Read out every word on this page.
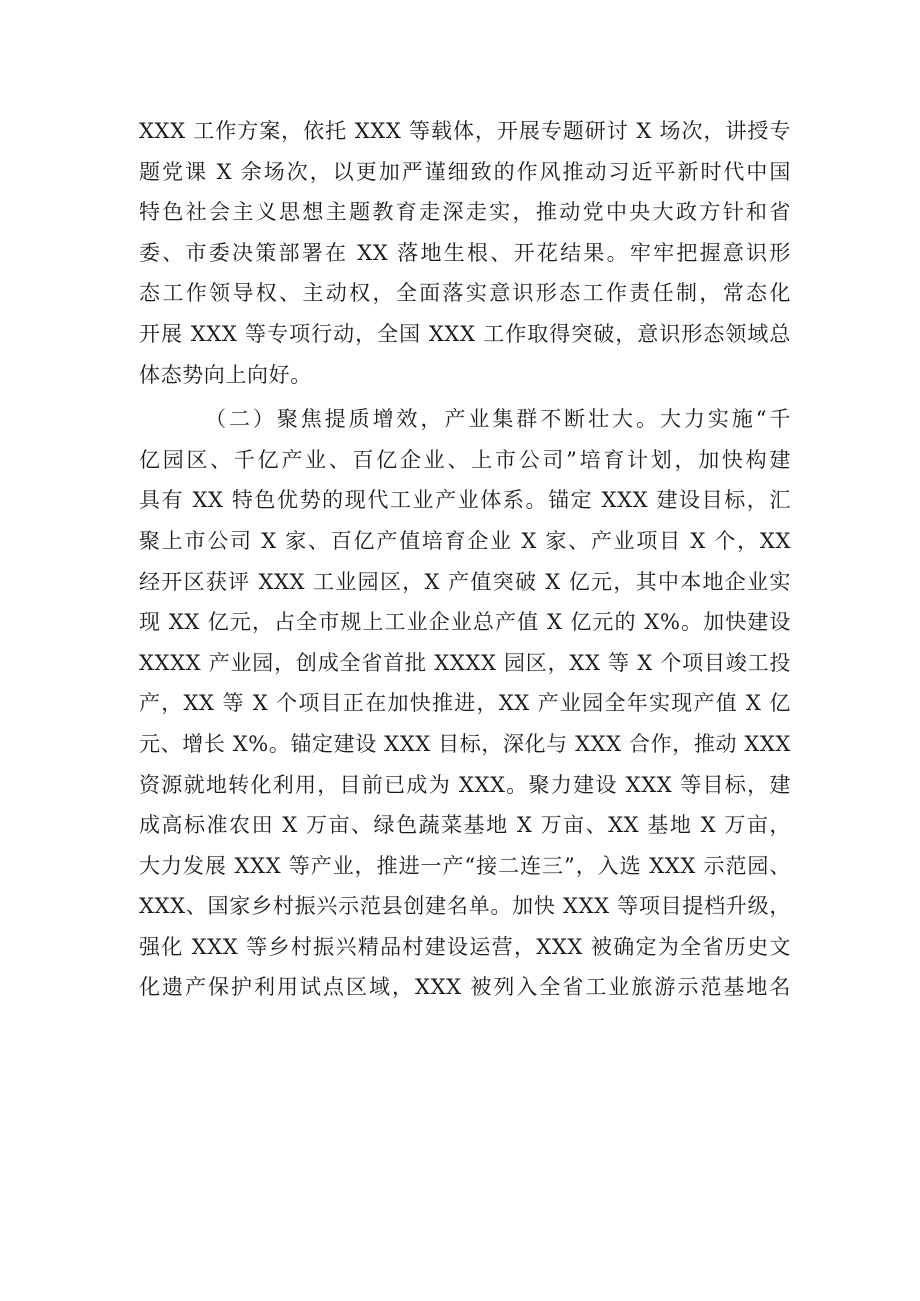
XXX 工作方案，依托 XXX 等载体，开展专题研讨 X 场次，讲授专
题党课 X 余场次，以更加严谨细致的作风推动习近平新时代中国
特色社会主义思想主题教育走深走实，推动党中央大政方针和省
委、市委决策部署在 XX 落地生根、开花结果。牢牢把握意识形
态工作领导权、主动权，全面落实意识形态工作责任制，常态化
开展 XXX 等专项行动，全国 XXX 工作取得突破，意识形态领域总
体态势向上向好。
（二）聚焦提质增效，产业集群不断壮大。大力实施“千
亿园区、千亿产业、百亿企业、上市公司”培育计划，加快构建
具有 XX 特色优势的现代工业产业体系。锚定 XXX 建设目标，汇
聚上市公司 X 家、百亿产值培育企业 X 家、产业项目 X 个，XX
经开区获评 XXX 工业园区，X 产值突破 X 亿元，其中本地企业实
现 XX 亿元，占全市规上工业企业总产值 X 亿元的 X%。加快建设
XXXX 产业园，创成全省首批 XXXX 园区，XX 等 X 个项目竣工投
产，XX 等 X 个项目正在加快推进，XX 产业园全年实现产值 X 亿
元、增长 X%。锚定建设 XXX 目标，深化与 XXX 合作，推动 XXX
资源就地转化利用，目前已成为 XXX。聚力建设 XXX 等目标，建
成高标准农田 X 万亩、绿色蔬菜基地 X 万亩、XX 基地 X 万亩，
大力发展 XXX 等产业，推进一产“接二连三”，入选 XXX 示范园、
XXX、国家乡村振兴示范县创建名单。加快 XXX 等项目提档升级，
强化 XXX 等乡村振兴精品村建设运营，XXX 被确定为全省历史文
化遗产保护利用试点区域，XXX 被列入全省工业旅游示范基地名
